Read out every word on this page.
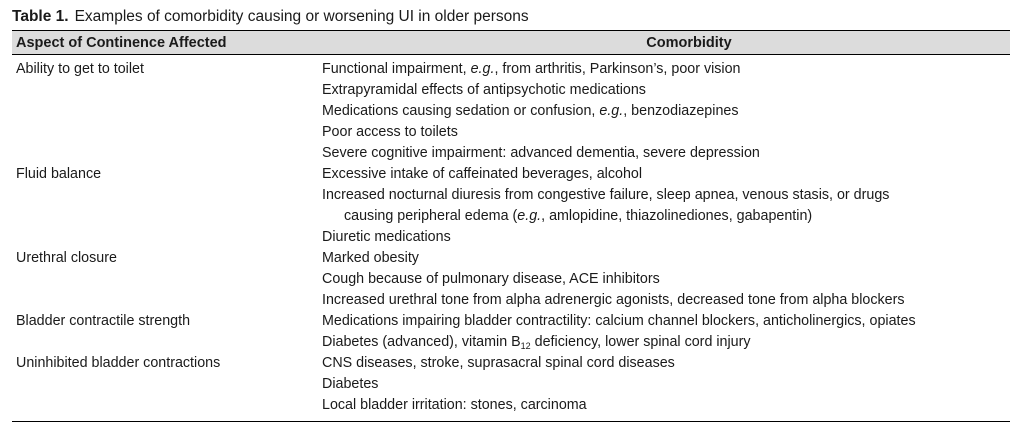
Table 1. Examples of comorbidity causing or worsening UI in older persons
Aspect of Continence Affected	Comorbidity
Ability to get to toilet	Functional impairment, e.g., from arthritis, Parkinson’s, poor vision
Extrapyramidal effects of antipsychotic medications
Medications causing sedation or confusion, e.g., benzodiazepines
Poor access to toilets
Severe cognitive impairment: advanced dementia, severe depression

Fluid balance	Excessive intake of caffeinated beverages, alcohol
Increased nocturnal diuresis from congestive failure, sleep apnea, venous stasis, or drugs
causing peripheral edema (e.g., amlopidine, thiazolinediones, gabapentin)
Diuretic medications

Urethral closure	Marked obesity
Cough because of pulmonary disease, ACE inhibitors
Increased urethral tone from alpha adrenergic agonists, decreased tone from alpha blockers

Bladder contractile strength	Medications impairing bladder contractility: calcium channel blockers, anticholinergics, opiates
Diabetes (advanced), vitamin $B_{12}$ deficiency, lower spinal cord injury

Uninhibited bladder contractions	CNS diseases, stroke, suprasacral spinal cord diseases
Diabetes
Local bladder irritation: stones, carcinoma
